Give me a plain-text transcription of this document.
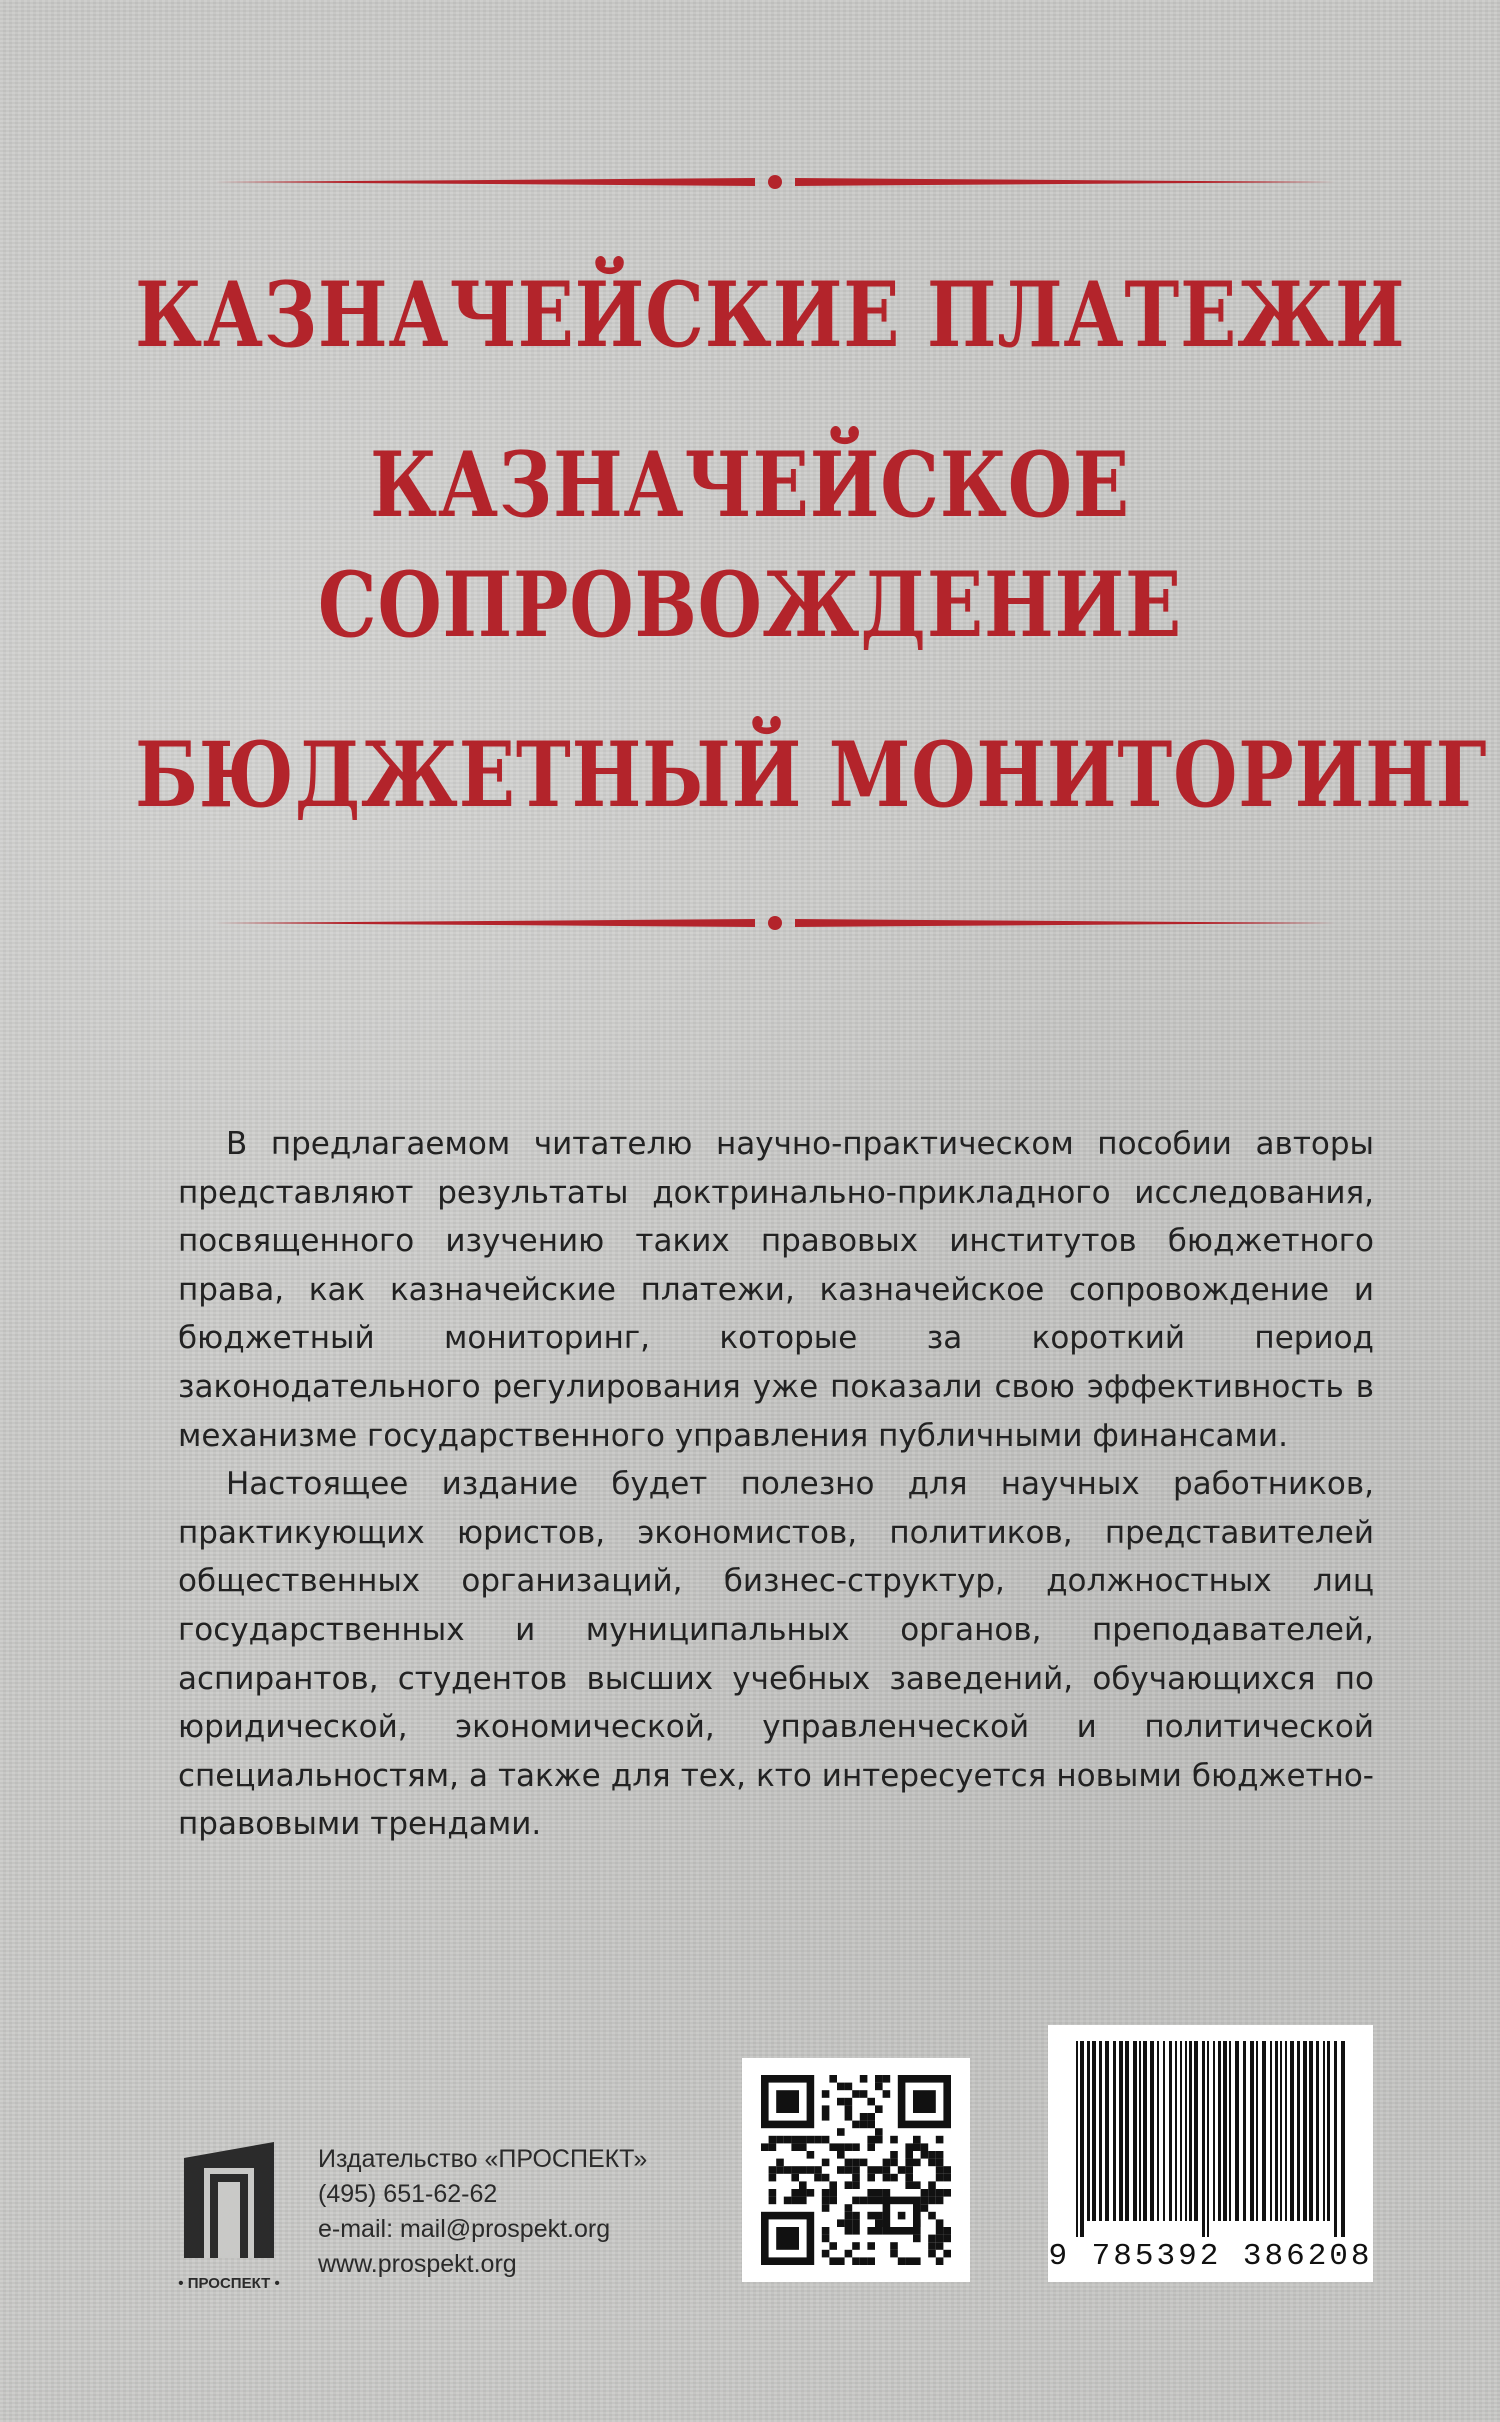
КАЗНАЧЕЙСКИЕ ПЛАТЕЖИ
КАЗНАЧЕЙСКОЕ
СОПРОВОЖДЕНИЕ
БЮДЖЕТНЫЙ МОНИТОРИНГ

В предлагаемом читателю научно-практическом пособии авторы представляют результаты доктринально-прикладного исследования, посвященного изучению таких правовых институтов бюджетного права, как казначейские платежи, казначейское сопровождение и бюджетный мониторинг, которые за короткий период законодательного регулирования уже показали свою эффективность в механизме государственного управления публичными финансами.

Настоящее издание будет полезно для научных работников, практикующих юристов, экономистов, политиков, представителей общественных организаций, бизнес-структур, должностных лиц государственных и муниципальных органов, преподавателей, аспирантов, студентов высших учебных заведений, обучающихся по юридической, экономической, управленческой и политической специальностям, а также для тех, кто интересуется новыми бюджетно-правовыми трендами.

• ПРОСПЕКТ •
Издательство «ПРОСПЕКТ»
(495) 651-62-62
e-mail: mail@prospekt.org
www.prospekt.org	9 785392 386208
